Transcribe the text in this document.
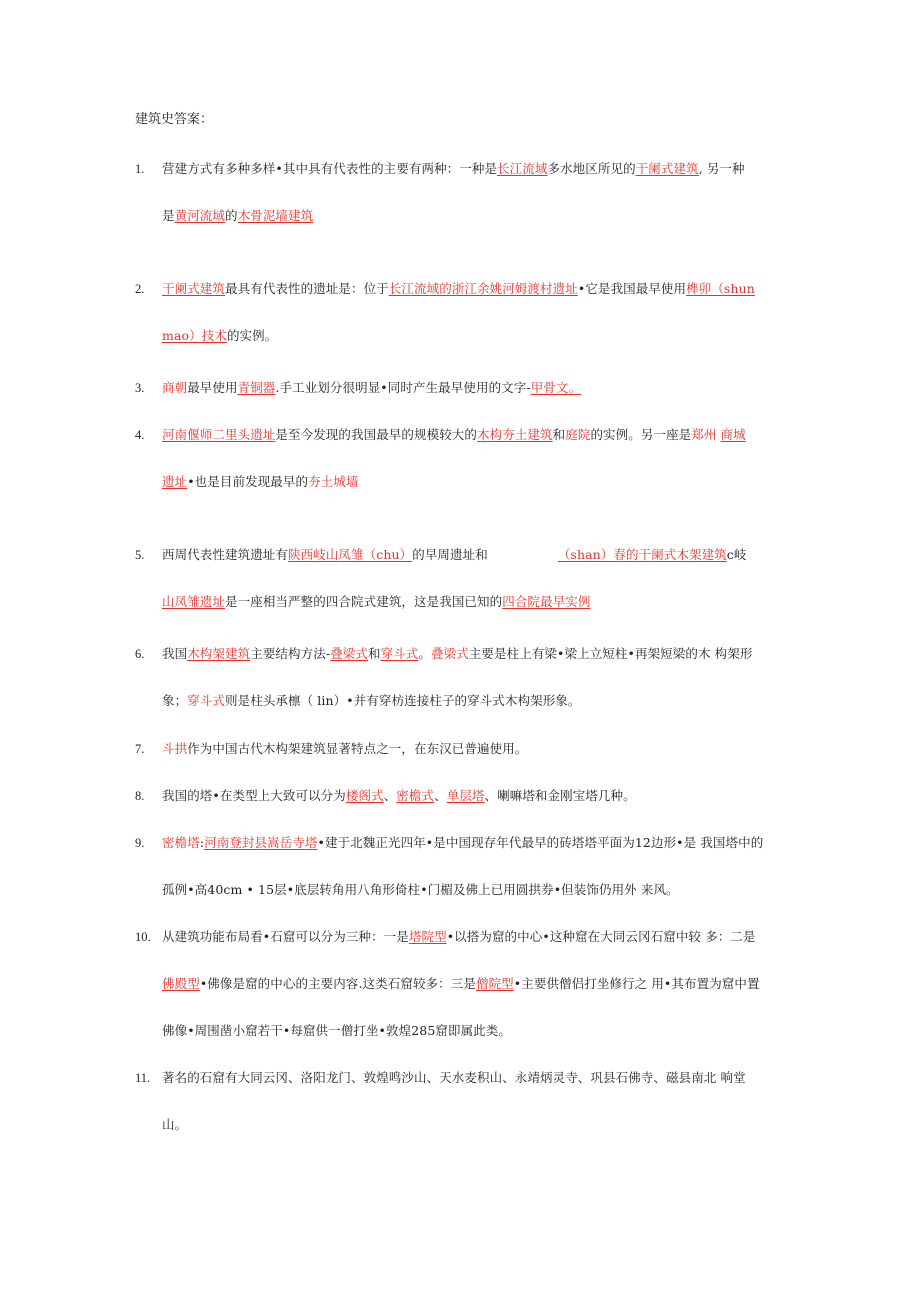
建筑史答案：
1.	营建方式有多种多样•其中具有代表性的主要有两种：一种是长江流域多水地区所见的干阑式建筑, 另一种
是黄河流域的木骨泥墙建筑
2.	干阑式建筑最具有代表性的遗址是：位于长江流域的浙江余姚河姆渡村遗址•它是我国最早使用榫卯（shun
mao）技术的实例。
3.	商朝最早使用青铜器.手工业划分很明显•同时产生最早使用的文字-甲骨文。
4.	河南偃师二里头遗址是至今发现的我国最早的规模较大的木构夯土建筑和庭院的实例。另一座是郑州 商城
遗址•也是目前发现最早的夯土城墙
5.	西周代表性建筑遗址有陕西岐山凤雏（chu）的早周遗址和	（shan）春的干阑式木架建筑c岐
山凤雏遗址是一座相当严整的四合院式建筑，这是我国已知的四合院最早实例
6.	我国木构架建筑主要结构方法-叠梁式和穿斗式。叠梁式主要是柱上有梁•梁上立短柱•再架短梁的木 构架形
象；穿斗式则是柱头承檩（ lin）•并有穿枋连接柱子的穿斗式木构架形象。
7.	斗拱作为中国古代木构架建筑显著特点之一，在东汉已普遍使用。
8.	我国的塔•在类型上大致可以分为楼阁式、密檐式、单层塔、喇嘛塔和金刚宝塔几种。
9.	密檐塔:河南登封县嵩岳寺塔•建于北魏正光四年•是中国现存年代最早的砖塔塔平面为12边形•是 我国塔中的
孤例•高40cm • 15层•底层转角用八角形倚柱•门楣及佛上已用圆拱券•但装饰仍用外 来风。
10. 从建筑功能布局看•石窟可以分为三种：一是塔院型•以搭为窟的中心•这种窟在大同云冈石窟中较 多：二是
佛殿型•佛像是窟的中心的主要内容.这类石窟较多：三是僧院型•主要供僧侣打坐修行之 用•其布置为窟中置
佛像•周围凿小窟若干•每窟供一僧打坐•敦煌285窟即属此类。
11. 著名的石窟有大同云冈、洛阳龙门、敦煌鸣沙山、天水麦积山、永靖炳灵寺、巩县石佛寺、磁县南北 响堂
山。
